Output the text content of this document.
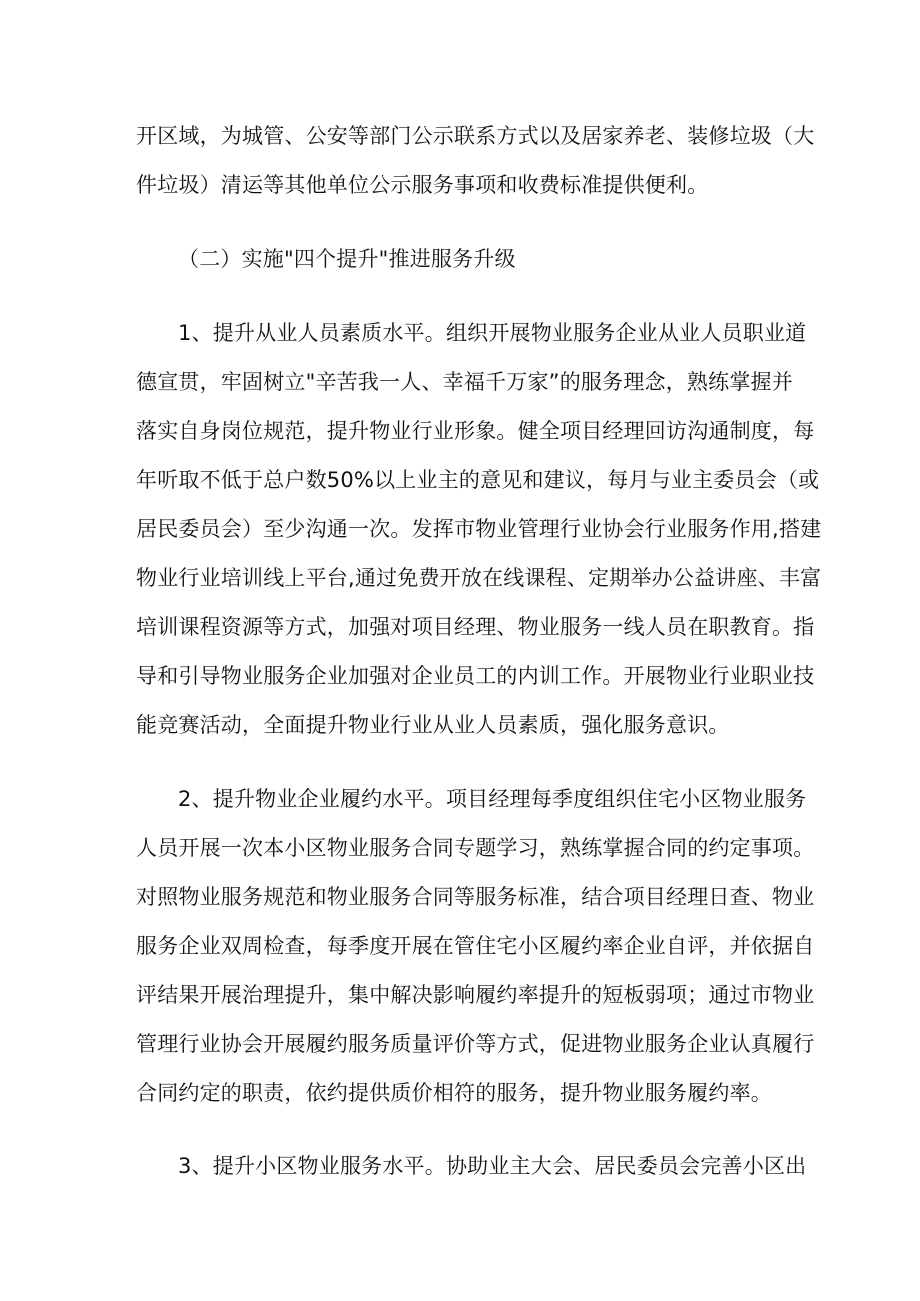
开区域，为城管、公安等部门公示联系方式以及居家养老、装修垃圾（大
件垃圾）清运等其他单位公示服务事项和收费标准提供便利。
（二）实施"四个提升"推进服务升级
1、提升从业人员素质水平。组织开展物业服务企业从业人员职业道
德宣贯，牢固树立"辛苦我一人、幸福千万家”的服务理念，熟练掌握并
落实自身岗位规范，提升物业行业形象。健全项目经理回访沟通制度，每
年听取不低于总户数50%以上业主的意见和建议，每月与业主委员会（或
居民委员会）至少沟通一次。发挥市物业管理行业协会行业服务作用,搭建
物业行业培训线上平台,通过免费开放在线课程、定期举办公益讲座、丰富
培训课程资源等方式，加强对项目经理、物业服务一线人员在职教育。指
导和引导物业服务企业加强对企业员工的内训工作。开展物业行业职业技
能竞赛活动，全面提升物业行业从业人员素质，强化服务意识。
2、提升物业企业履约水平。项目经理每季度组织住宅小区物业服务
人员开展一次本小区物业服务合同专题学习，熟练掌握合同的约定事项。
对照物业服务规范和物业服务合同等服务标准，结合项目经理日查、物业
服务企业双周检查，每季度开展在管住宅小区履约率企业自评，并依据自
评结果开展治理提升，集中解决影响履约率提升的短板弱项；通过市物业
管理行业协会开展履约服务质量评价等方式，促进物业服务企业认真履行
合同约定的职责，依约提供质价相符的服务，提升物业服务履约率。
3、提升小区物业服务水平。协助业主大会、居民委员会完善小区出
